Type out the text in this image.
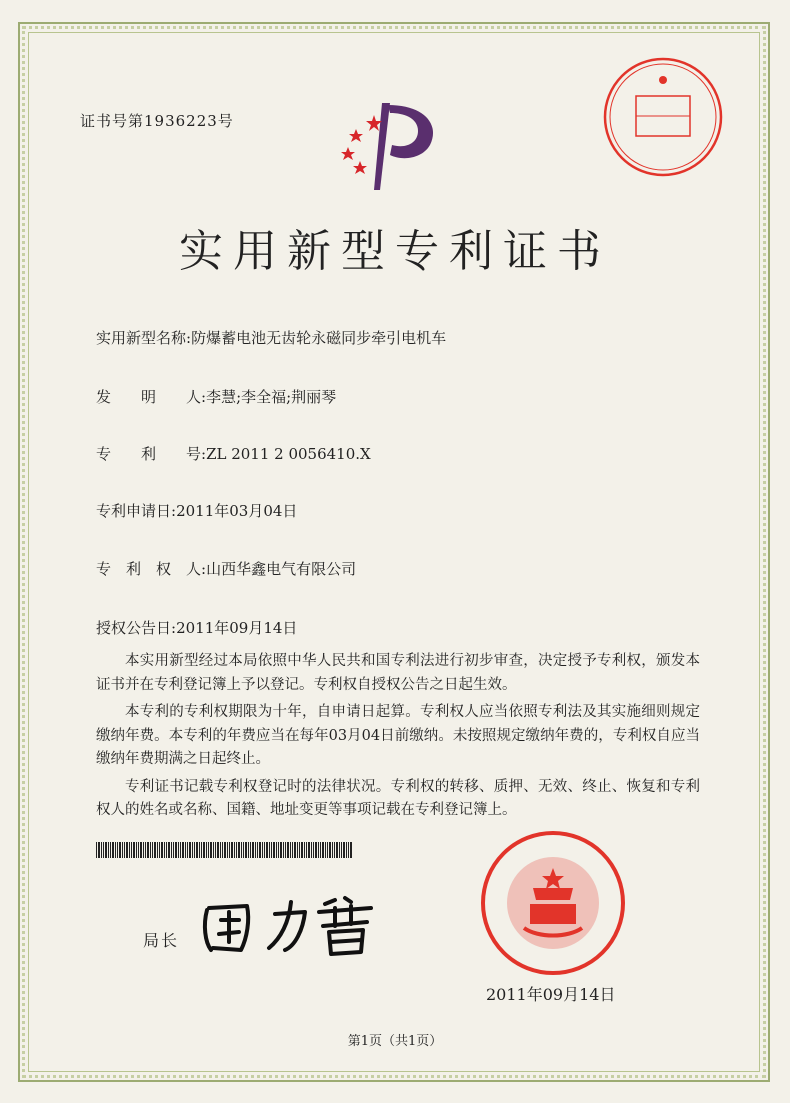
证书号第1936223号
实用新型专利证书
实用新型名称:防爆蓄电池无齿轮永磁同步牵引电机车
发　　明　　人:李慧;李全福;荆丽琴
专　　利　　号:ZL 2011 2 0056410.X
专利申请日:2011年03月04日
专　利　权　人:山西华鑫电气有限公司
授权公告日:2011年09月14日

本实用新型经过本局依照中华人民共和国专利法进行初步审查，决定授予专利权，颁发本证书并在专利登记簿上予以登记。专利权自授权公告之日起生效。

本专利的专利权期限为十年，自申请日起算。专利权人应当依照专利法及其实施细则规定缴纳年费。本专利的年费应当在每年03月04日前缴纳。未按照规定缴纳年费的，专利权自应当缴纳年费期满之日起终止。

专利证书记载专利权登记时的法律状况。专利权的转移、质押、无效、终止、恢复和专利权人的姓名或名称、国籍、地址变更等事项记载在专利登记簿上。

局长
2011年09月14日
第1页（共1页）
